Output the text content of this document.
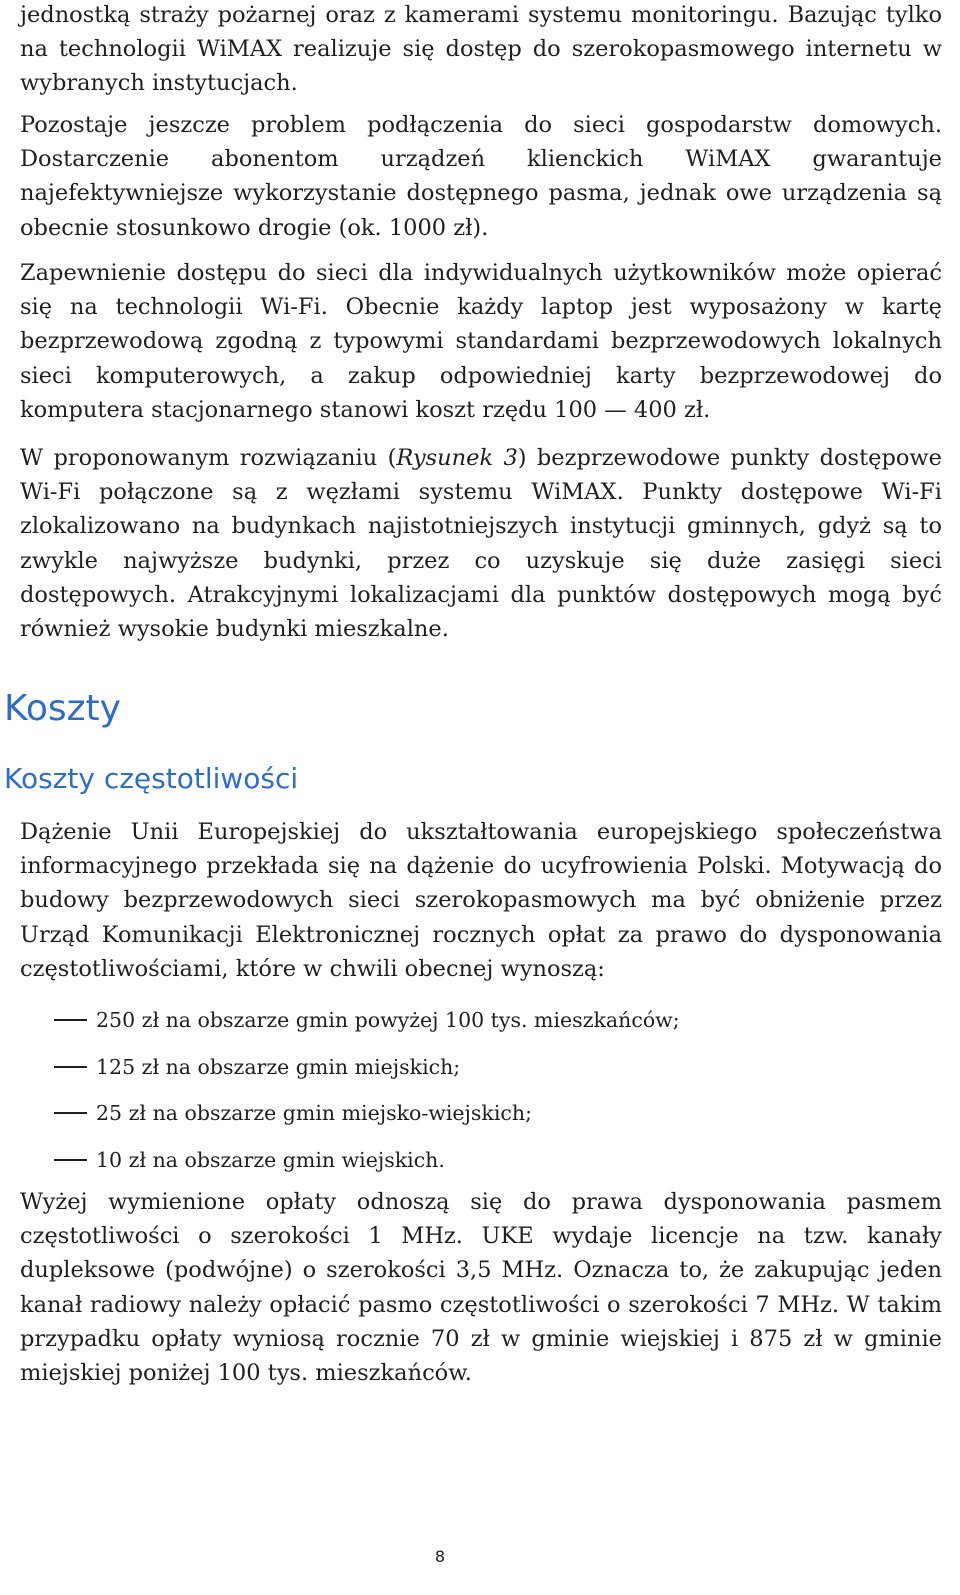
jednostką straży pożarnej oraz z kamerami systemu monitoringu. Bazując tylko na technologii WiMAX realizuje się dostęp do szerokopasmowego internetu w wybranych instytucjach.

Pozostaje jeszcze problem podłączenia do sieci gospodarstw domowych. Dostarczenie abonentom urządzeń klienckich WiMAX gwarantuje najefektywniejsze wykorzystanie dostępnego pasma, jednak owe urządzenia są obecnie stosunkowo drogie (ok. 1000 zł).

Zapewnienie dostępu do sieci dla indywidualnych użytkowników może opierać się na technologii Wi-Fi. Obecnie każdy laptop jest wyposażony w kartę bezprzewodową zgodną z typowymi standardami bezprzewodowych lokalnych sieci komputerowych, a zakup odpowiedniej karty bezprzewodowej do komputera stacjonarnego stanowi koszt rzędu 100 — 400 zł.

W proponowanym rozwiązaniu (Rysunek 3) bezprzewodowe punkty dostępowe Wi-Fi połączone są z węzłami systemu WiMAX. Punkty dostępowe Wi-Fi zlokalizowano na budynkach najistotniejszych instytucji gminnych, gdyż są to zwykle najwyższe budynki, przez co uzyskuje się duże zasięgi sieci dostępowych. Atrakcyjnymi lokalizacjami dla punktów dostępowych mogą być również wysokie budynki mieszkalne.

Koszty
Koszty częstotliwości

Dążenie Unii Europejskiej do ukształtowania europejskiego społeczeństwa informacyjnego przekłada się na dążenie do ucyfrowienia Polski. Motywacją do budowy bezprzewodowych sieci szerokopasmowych ma być obniżenie przez Urząd Komunikacji Elektronicznej rocznych opłat za prawo do dysponowania częstotliwościami, które w chwili obecnej wynoszą:

250 zł na obszarze gmin powyżej 100 tys. mieszkańców;
125 zł na obszarze gmin miejskich;
25 zł na obszarze gmin miejsko-wiejskich;
10 zł na obszarze gmin wiejskich.

Wyżej wymienione opłaty odnoszą się do prawa dysponowania pasmem częstotliwości o szerokości 1 MHz. UKE wydaje licencje na tzw. kanały dupleksowe (podwójne) o szerokości 3,5 MHz. Oznacza to, że zakupując jeden kanał radiowy należy opłacić pasmo częstotliwości o szerokości 7 MHz. W takim przypadku opłaty wyniosą rocznie 70 zł w gminie wiejskiej i 875 zł w gminie miejskiej poniżej 100 tys. mieszkańców.

8
